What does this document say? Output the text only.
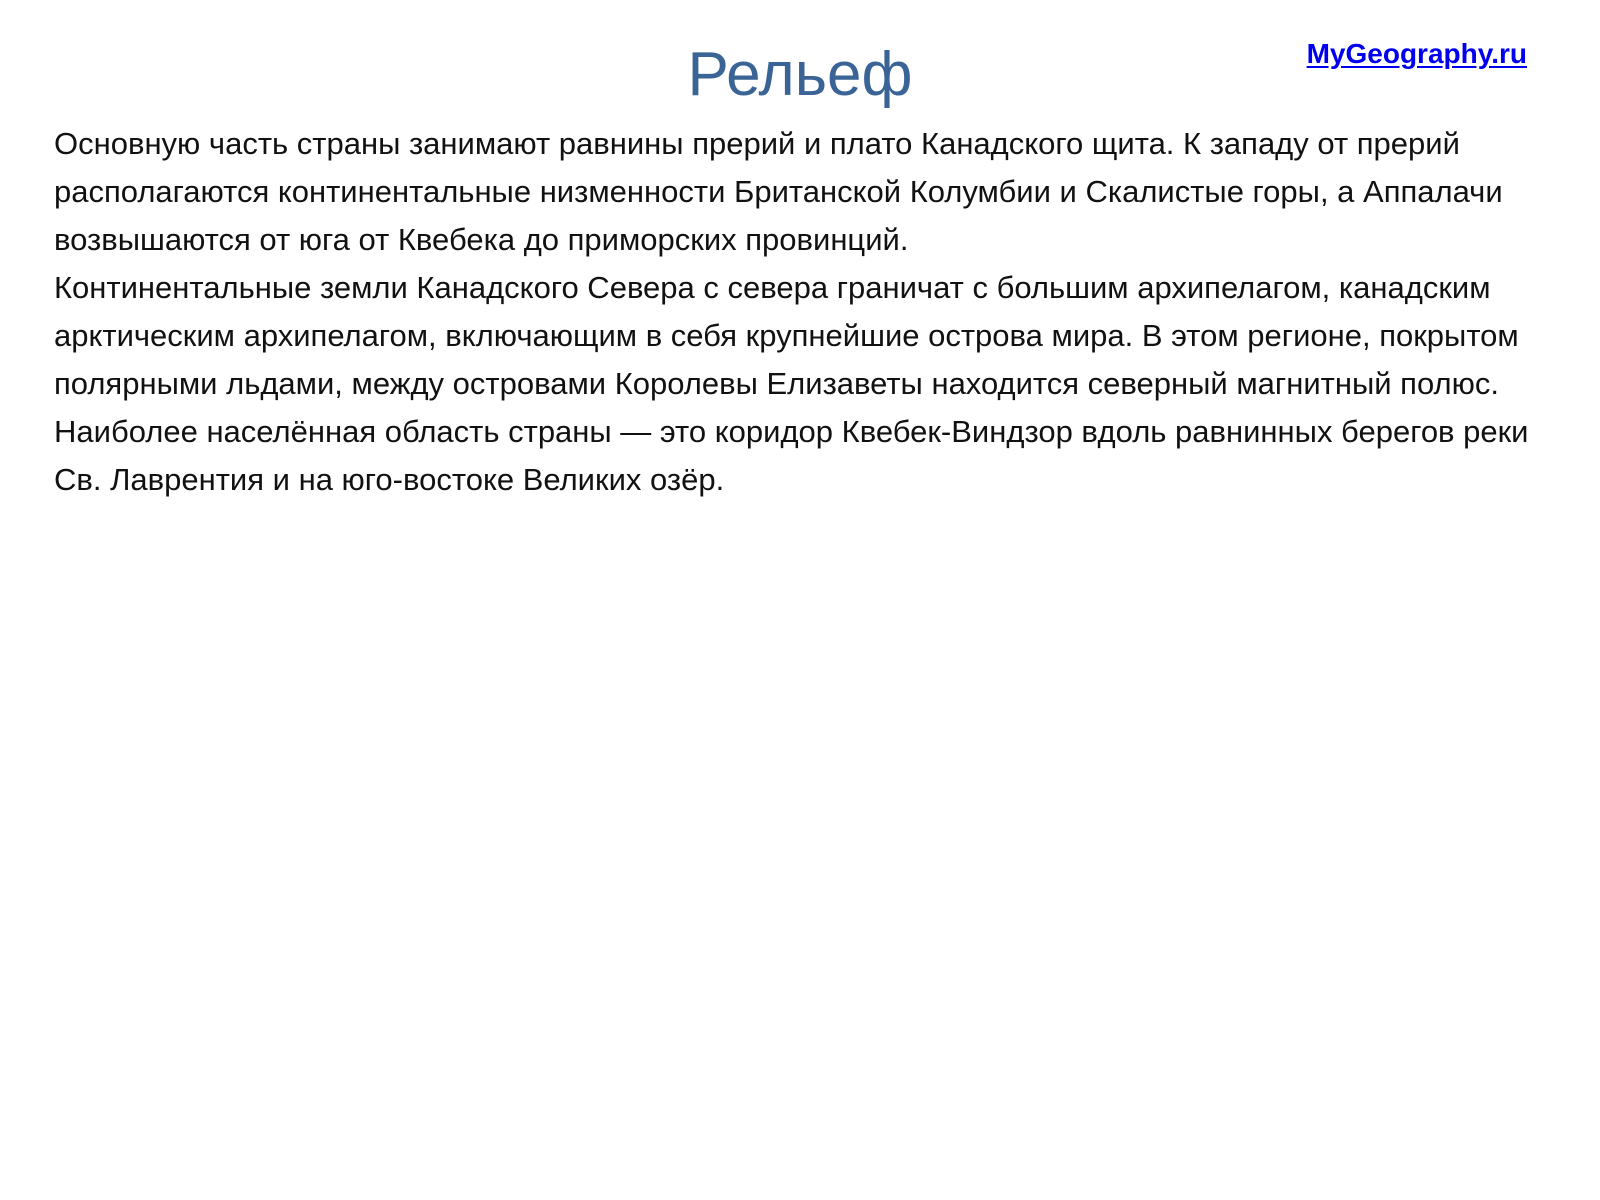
MyGeography.ru
Рельеф

Основную часть страны занимают равнины прерий и плато Канадского щита. К западу от прерий располагаются континентальные низменности Британской Колумбии и Скалистые горы, а Аппалачи возвышаются от юга от Квебека до приморских провинций.

Континентальные земли Канадского Севера с севера граничат с большим архипелагом, канадским арктическим архипелагом, включающим в себя крупнейшие острова мира. В этом регионе, покрытом полярными льдами, между островами Королевы Елизаветы находится северный магнитный полюс.

Наиболее населённая область страны — это коридор Квебек-Виндзор вдоль равнинных берегов реки Св. Лаврентия и на юго-востоке Великих озёр.
